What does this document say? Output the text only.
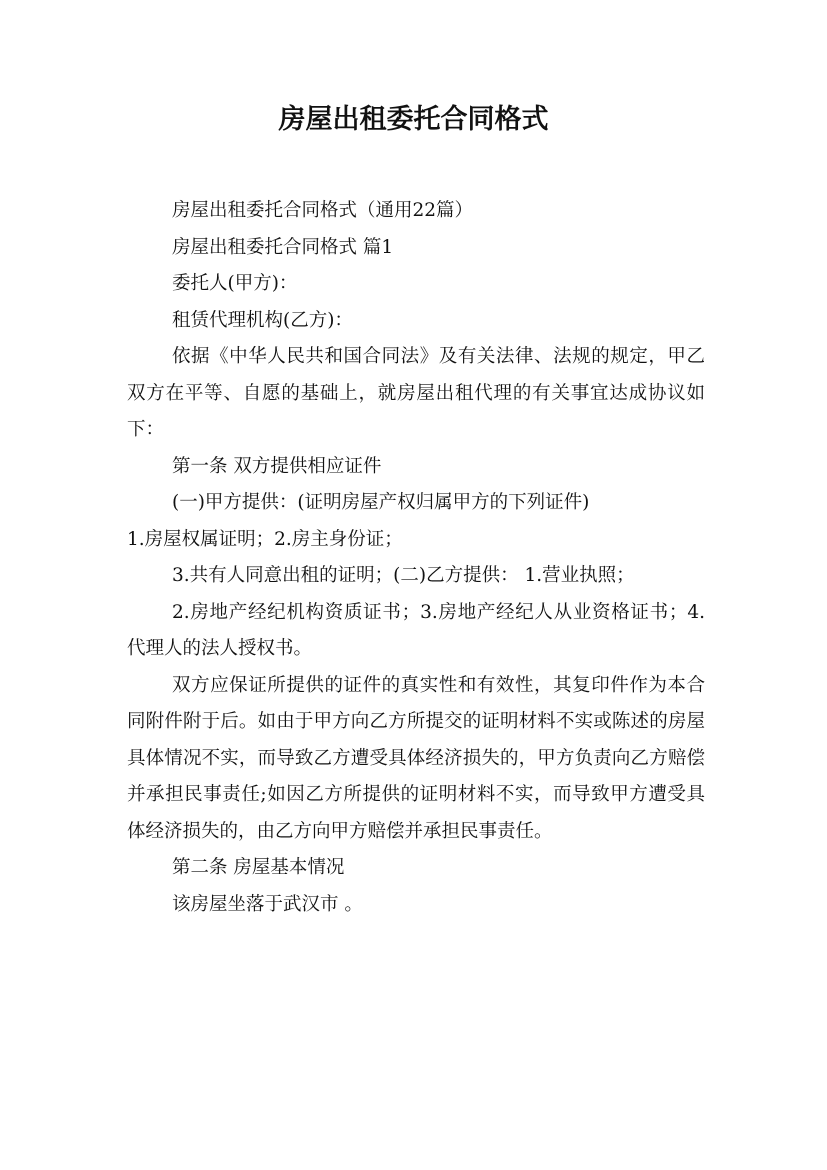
房屋出租委托合同格式

房屋出租委托合同格式（通用22篇）

房屋出租委托合同格式 篇1

委托人(甲方)：

租赁代理机构(乙方)：

依据《中华人民共和国合同法》及有关法律、法规的规定，甲乙双方在平等、自愿的基础上，就房屋出租代理的有关事宜达成协议如下：

第一条 双方提供相应证件

(一)甲方提供：(证明房屋产权归属甲方的下列证件)

1.房屋权属证明；2.房主身份证；

3.共有人同意出租的证明；(二)乙方提供： 1.营业执照；

2.房地产经纪机构资质证书；3.房地产经纪人从业资格证书；4.代理人的法人授权书。

双方应保证所提供的证件的真实性和有效性，其复印件作为本合同附件附于后。如由于甲方向乙方所提交的证明材料不实或陈述的房屋具体情况不实，而导致乙方遭受具体经济损失的，甲方负责向乙方赔偿并承担民事责任;如因乙方所提供的证明材料不实，而导致甲方遭受具体经济损失的，由乙方向甲方赔偿并承担民事责任。

第二条 房屋基本情况

该房屋坐落于武汉市 。
